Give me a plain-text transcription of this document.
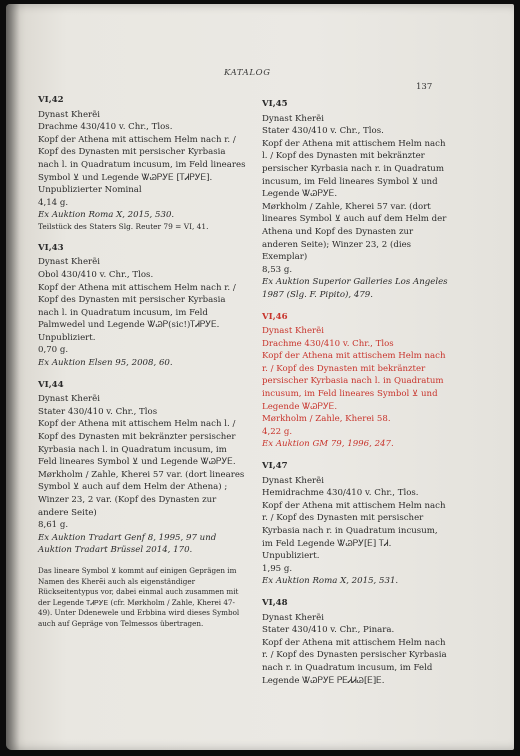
KATALOG
137

VI,42

Dynast Kherẽi

Drachme 430/410 v. Chr., Tlos.

Kopf der Athena mit attischem Helm nach r. / Kopf des Dynasten mit persischer Kyrbasia nach l. in Quadratum incusum, im Feld lineares Symbol ⊻ und Legende ᏔᏊᏢᎩᎬ [ᎢᏗᏢᎩᎬ].

Unpublizierter Nominal

4,14 g.

Ex Auktion Roma X, 2015, 530.

Teilstück des Staters Slg. Reuter 79 = VI, 41.

VI,43

Dynast Kherẽi

Obol 430/410 v. Chr., Tlos.

Kopf der Athena mit attischem Helm nach r. / Kopf des Dynasten mit persischer Kyrbasia nach l. in Quadratum incusum, im Feld Palmwedel und Legende ᏔᏊᏢ(sic!)ᎢᏗᏢᎩᎬ.

Unpubliziert.

0,70 g.

Ex Auktion Elsen 95, 2008, 60.

VI,44

Dynast Kherẽi

Stater 430/410 v. Chr., Tlos

Kopf der Athena mit attischem Helm nach l. / Kopf des Dynasten mit bekränzter persischer Kyrbasia nach l. in Quadratum incusum, im Feld lineares Symbol ⊻ und Legende ᏔᏊᏢᎩᎬ.

Mørkholm / Zahle, Kherei 57 var. (dort lineares Symbol ⊻ auch auf dem Helm der Athena) ; Winzer 23, 2 var. (Kopf des Dynasten zur andere Seite)

8,61 g.

Ex Auktion Tradart Genf 8, 1995, 97 und Auktion Tradart Brüssel 2014, 170.

Das lineare Symbol ⊻ kommt auf einigen Geprägen im Namen des Kherẽi auch als eigenständiger Rückseitentypus vor, dabei einmal auch zusammen mit der Legende ᎢᏗᏢᎩᎬ (cfr. Mørkholm / Zahle, Kherei 47-49). Unter Ddenewele und Erbbina wird dieses Symbol auch auf Gepräge von Telmessos übertragen.

VI,45

Dynast Kherẽi

Stater 430/410 v. Chr., Tlos.

Kopf der Athena mit attischem Helm nach l. / Kopf des Dynasten mit bekränzter persischer Kyrbasia nach r. in Quadratum incusum, im Feld lineares Symbol ⊻ und Legende ᏔᏊᏢᎩᎬ.

Mørkholm / Zahle, Kherei 57 var. (dort lineares Symbol ⊻ auch auf dem Helm der Athena und Kopf des Dynasten zur anderen Seite); Winzer 23, 2 (dies Exemplar)

8,53 g.

Ex Auktion Superior Galleries Los Angeles 1987 (Slg. F. Pipito), 479.

VI,46

Dynast Kherẽi

Drachme 430/410 v. Chr., Tlos

Kopf der Athena mit attischem Helm nach r. / Kopf des Dynasten mit bekränzter persischer Kyrbasia nach l. in Quadratum incusum, im Feld lineares Symbol ⊻ und Legende ᏔᏊᏢᎩᎬ.

Mørkholm / Zahle, Kherei 58.

4,22 g.

Ex Auktion GM 79, 1996, 247.

VI,47

Dynast Kherẽi

Hemidrachme 430/410 v. Chr., Tlos.

Kopf der Athena mit attischem Helm nach r. / Kopf des Dynasten mit persischer Kyrbasia nach r. in Quadratum incusum, im Feld Legende ᏔᏊᏢᎩ[Ꭼ] ᎢᏗ.

Unpubliziert.

1,95 g.

Ex Auktion Roma X, 2015, 531.

VI,48

Dynast Kherẽi

Stater 430/410 v. Chr., Pinara.

Kopf der Athena mit attischem Helm nach r. / Kopf des Dynasten persischer Kyrbasia

nach r. in Quadratum incusum, im Feld Legende ᏔᏊᏢᎩᎬ ᏢᎬᏗᏗᏊ[Ꭼ]Ꭼ.
